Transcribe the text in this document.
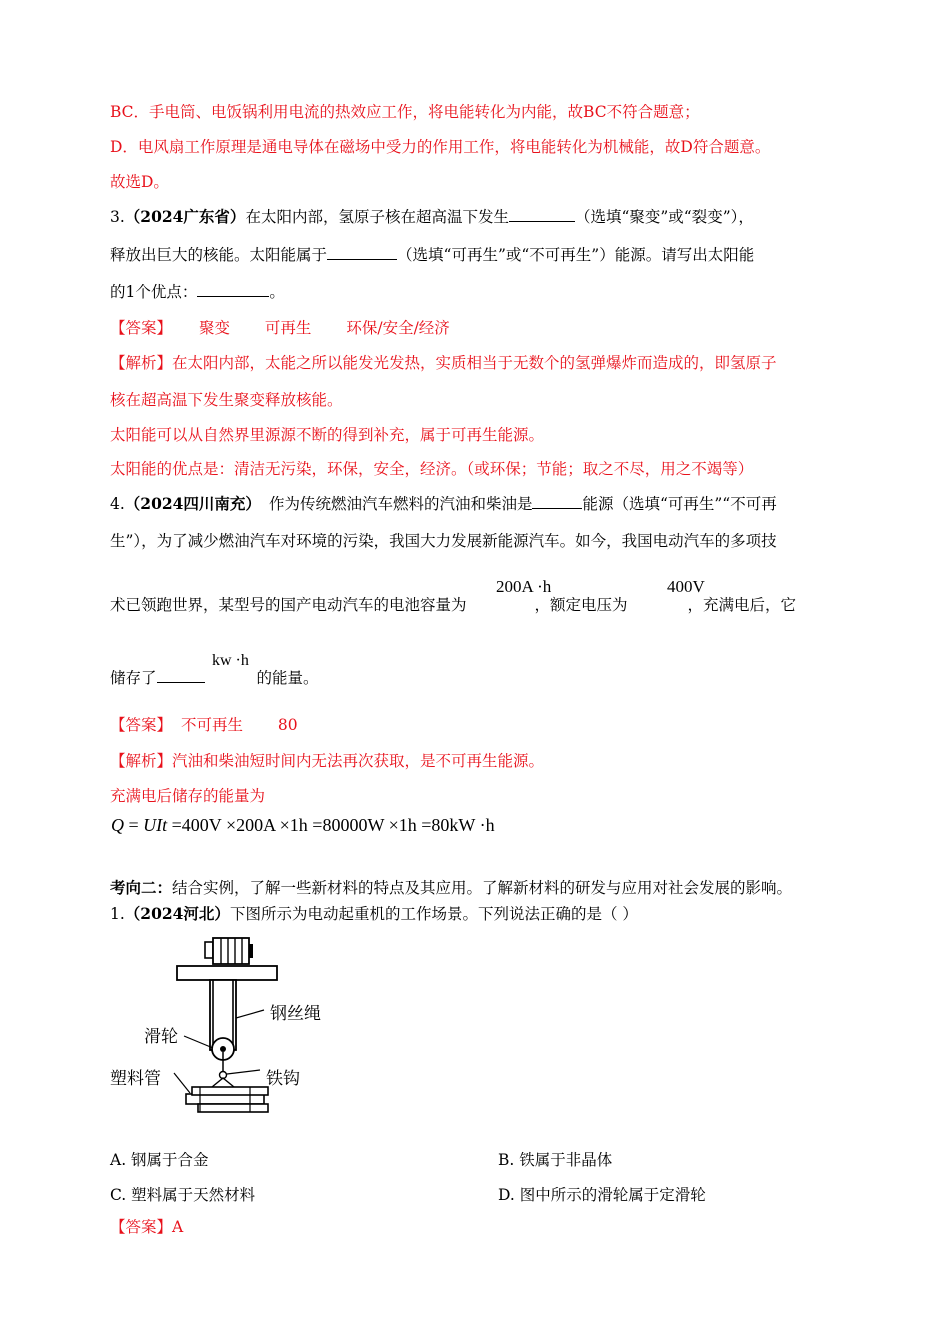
BC．手电筒、电饭锅利用电流的热效应工作，将电能转化为内能，故BC不符合题意；
D．电风扇工作原理是通电导体在磁场中受力的作用工作，将电能转化为机械能，故D符合题意。
故选D。
3.（2024广东省）在太阳内部，氢原子核在超高温下发生	（选填“聚变”或“裂变”），
释放出巨大的核能。太阳能属于	（选填“可再生”或“不可再生”）能源。请写出太阳能
的1个优点：	。
【答案】 聚变 可再生 环保/安全/经济
【解析】在太阳内部，太能之所以能发光发热，实质相当于无数个的氢弹爆炸而造成的，即氢原子
核在超高温下发生聚变释放核能。
太阳能可以从自然界里源源不断的得到补充，属于可再生能源。
太阳能的优点是：清洁无污染，环保，安全，经济。（或环保；节能；取之不尽，用之不竭等）
4.（2024四川南充） 作为传统燃油汽车燃料的汽油和柴油是	能源（选填“可再生”“不可再
生”），为了减少燃油汽车对环境的污染，我国大力发展新能源汽车。如今，我国电动汽车的多项技
术已领跑世界，某型号的国产电动汽车的电池容量为	，额定电压为	，充满电后，它
200A ·h	400V
储存了	的能量。
kw ·h
【答案】 不可再生 80
【解析】汽油和柴油短时间内无法再次获取，是不可再生能源。
充满电后储存的能量为
Q = UIt =400V ×200A ×1h =80000W ×1h =80kW ·h
考向二：结合实例，了解一些新材料的特点及其应用。了解新材料的研发与应用对社会发展的影响。
1.（2024河北）下图所示为电动起重机的工作场景。下列说法正确的是（ ）
钢丝绳
滑轮
塑料管	铁钩
A. 钢属于合金	B. 铁属于非晶体
C. 塑料属于天然材料	D. 图中所示的滑轮属于定滑轮
【答案】A
